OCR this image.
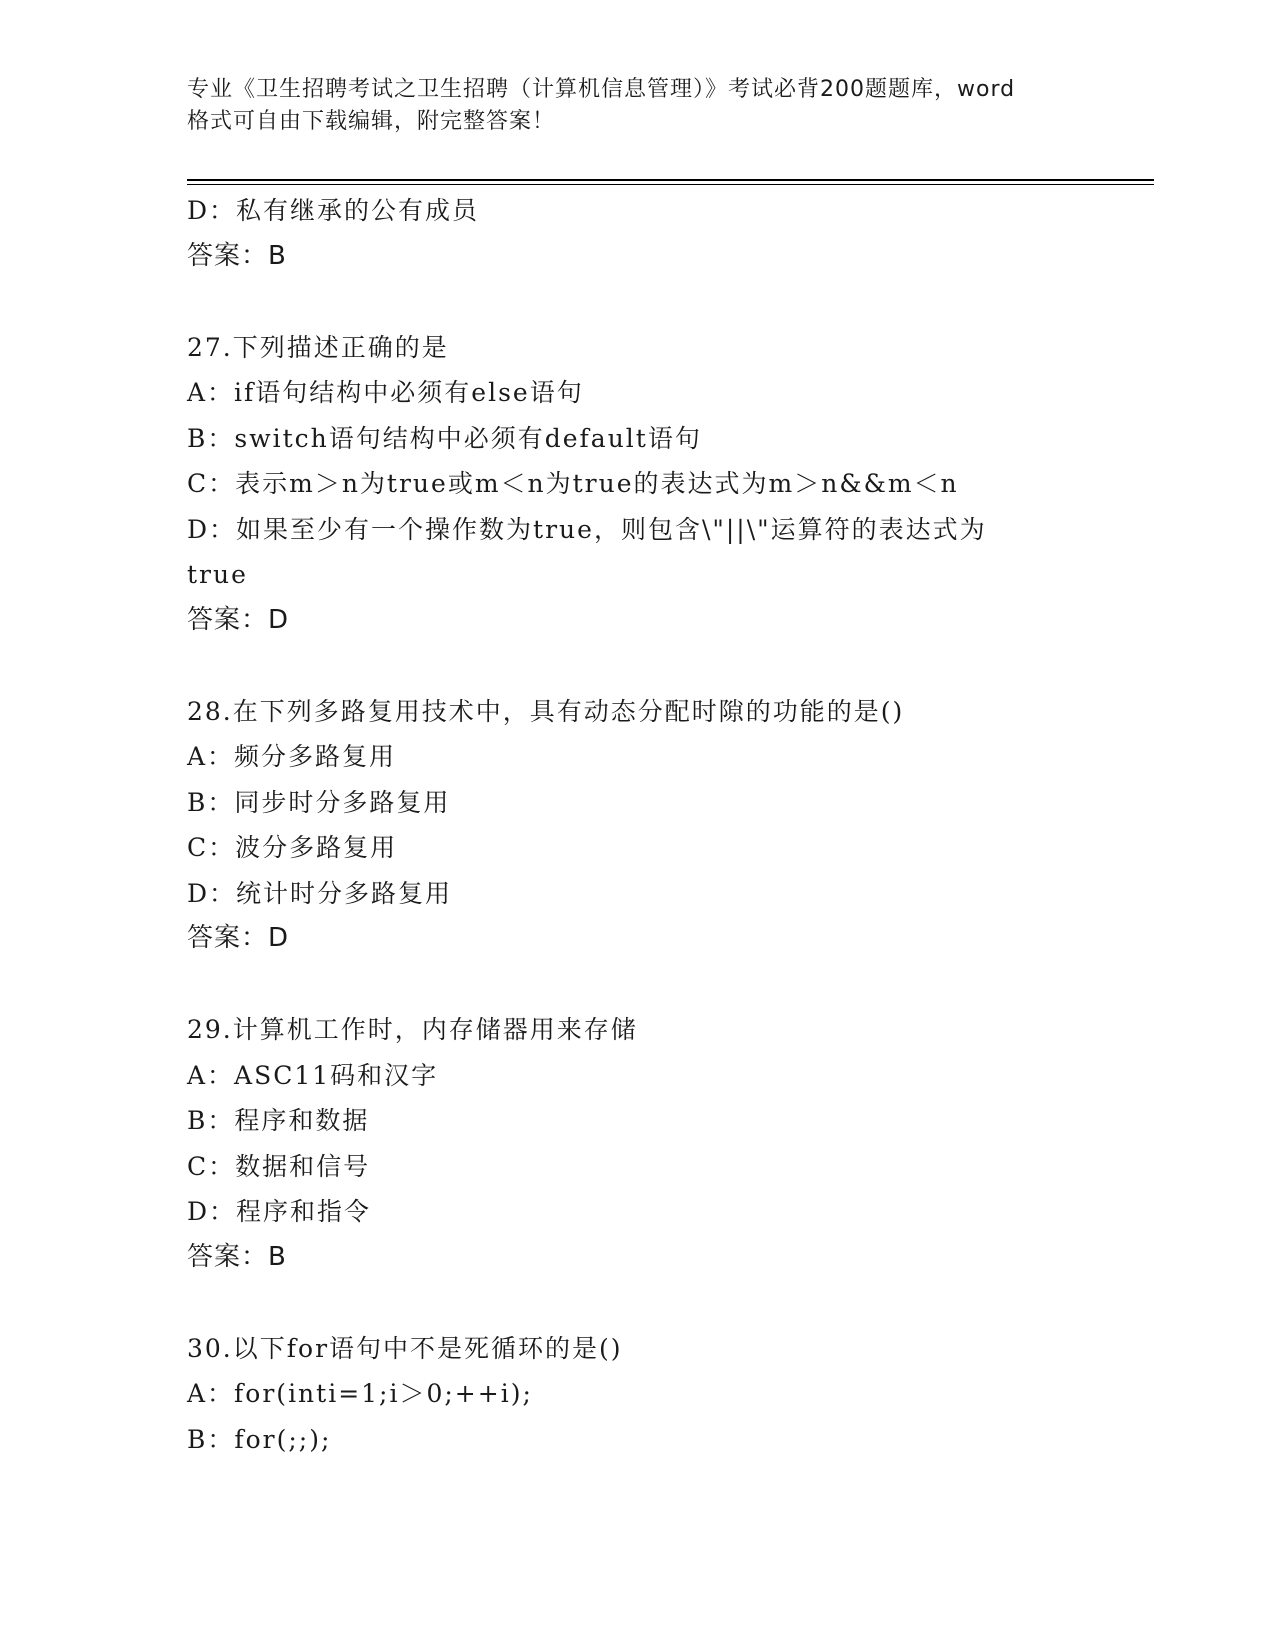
专业《卫生招聘考试之卫生招聘（计算机信息管理）》考试必背200题题库，word
格式可自由下载编辑，附完整答案！
D：私有继承的公有成员
答案：B
27.下列描述正确的是
A：if语句结构中必须有else语句
B：switch语句结构中必须有default语句
C：表示m＞n为true或m＜n为true的表达式为m＞n&&m＜n
D：如果至少有一个操作数为true，则包含\"||\"运算符的表达式为
true
答案：D
28.在下列多路复用技术中，具有动态分配时隙的功能的是()
A：频分多路复用
B：同步时分多路复用
C：波分多路复用
D：统计时分多路复用
答案：D
29.计算机工作时，内存储器用来存储
A：ASC11码和汉字
B：程序和数据
C：数据和信号
D：程序和指令
答案：B
30.以下for语句中不是死循环的是()
A：for(inti=1;i＞0;++i);
B：for(;;);
